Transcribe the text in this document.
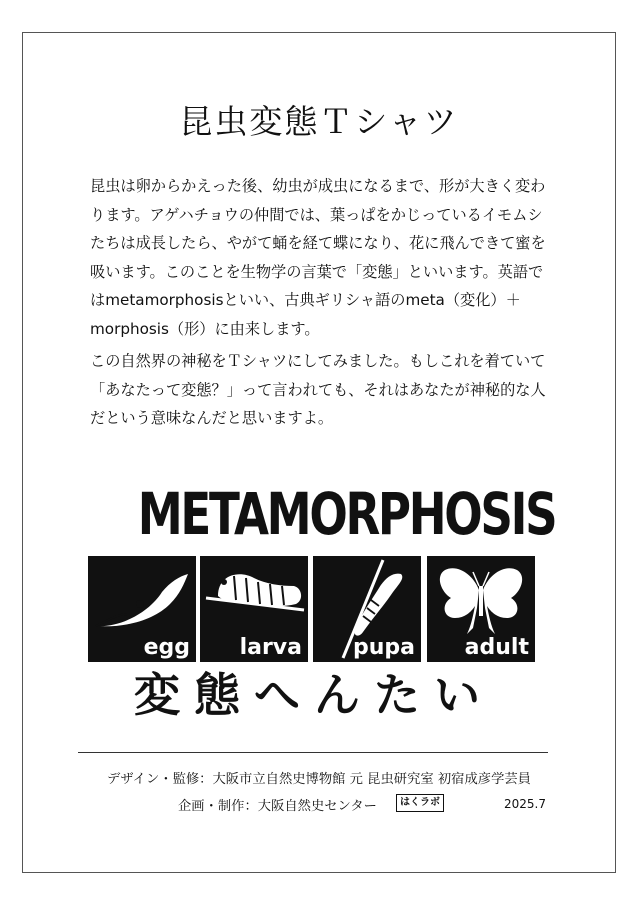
昆虫変態Ｔシャツ

昆虫は卵からかえった後、幼虫が成虫になるまで、形が大きく変わります。アゲハチョウの仲間では、葉っぱをかじっているイモムシたちは成長したら、やがて蛹を経て蝶になり、花に飛んできて蜜を吸います。このことを生物学の言葉で「変態」といいます。英語ではmetamorphosisといい、古典ギリシャ語のmeta（変化）＋morphosis（形）に由来します。

この自然界の神秘をＴシャツにしてみました。もしこれを着ていて「あなたって変態？」って言われても、それはあなたが神秘的な人だという意味なんだと思いますよ。

METAMORPHOSIS
egg larva pupa adult
変態へんたい
デザイン・監修：大阪市立自然史博物館 元 昆虫研究室 初宿成彦学芸員
企画・制作：大阪自然史センター	はくラボ	2025.7
